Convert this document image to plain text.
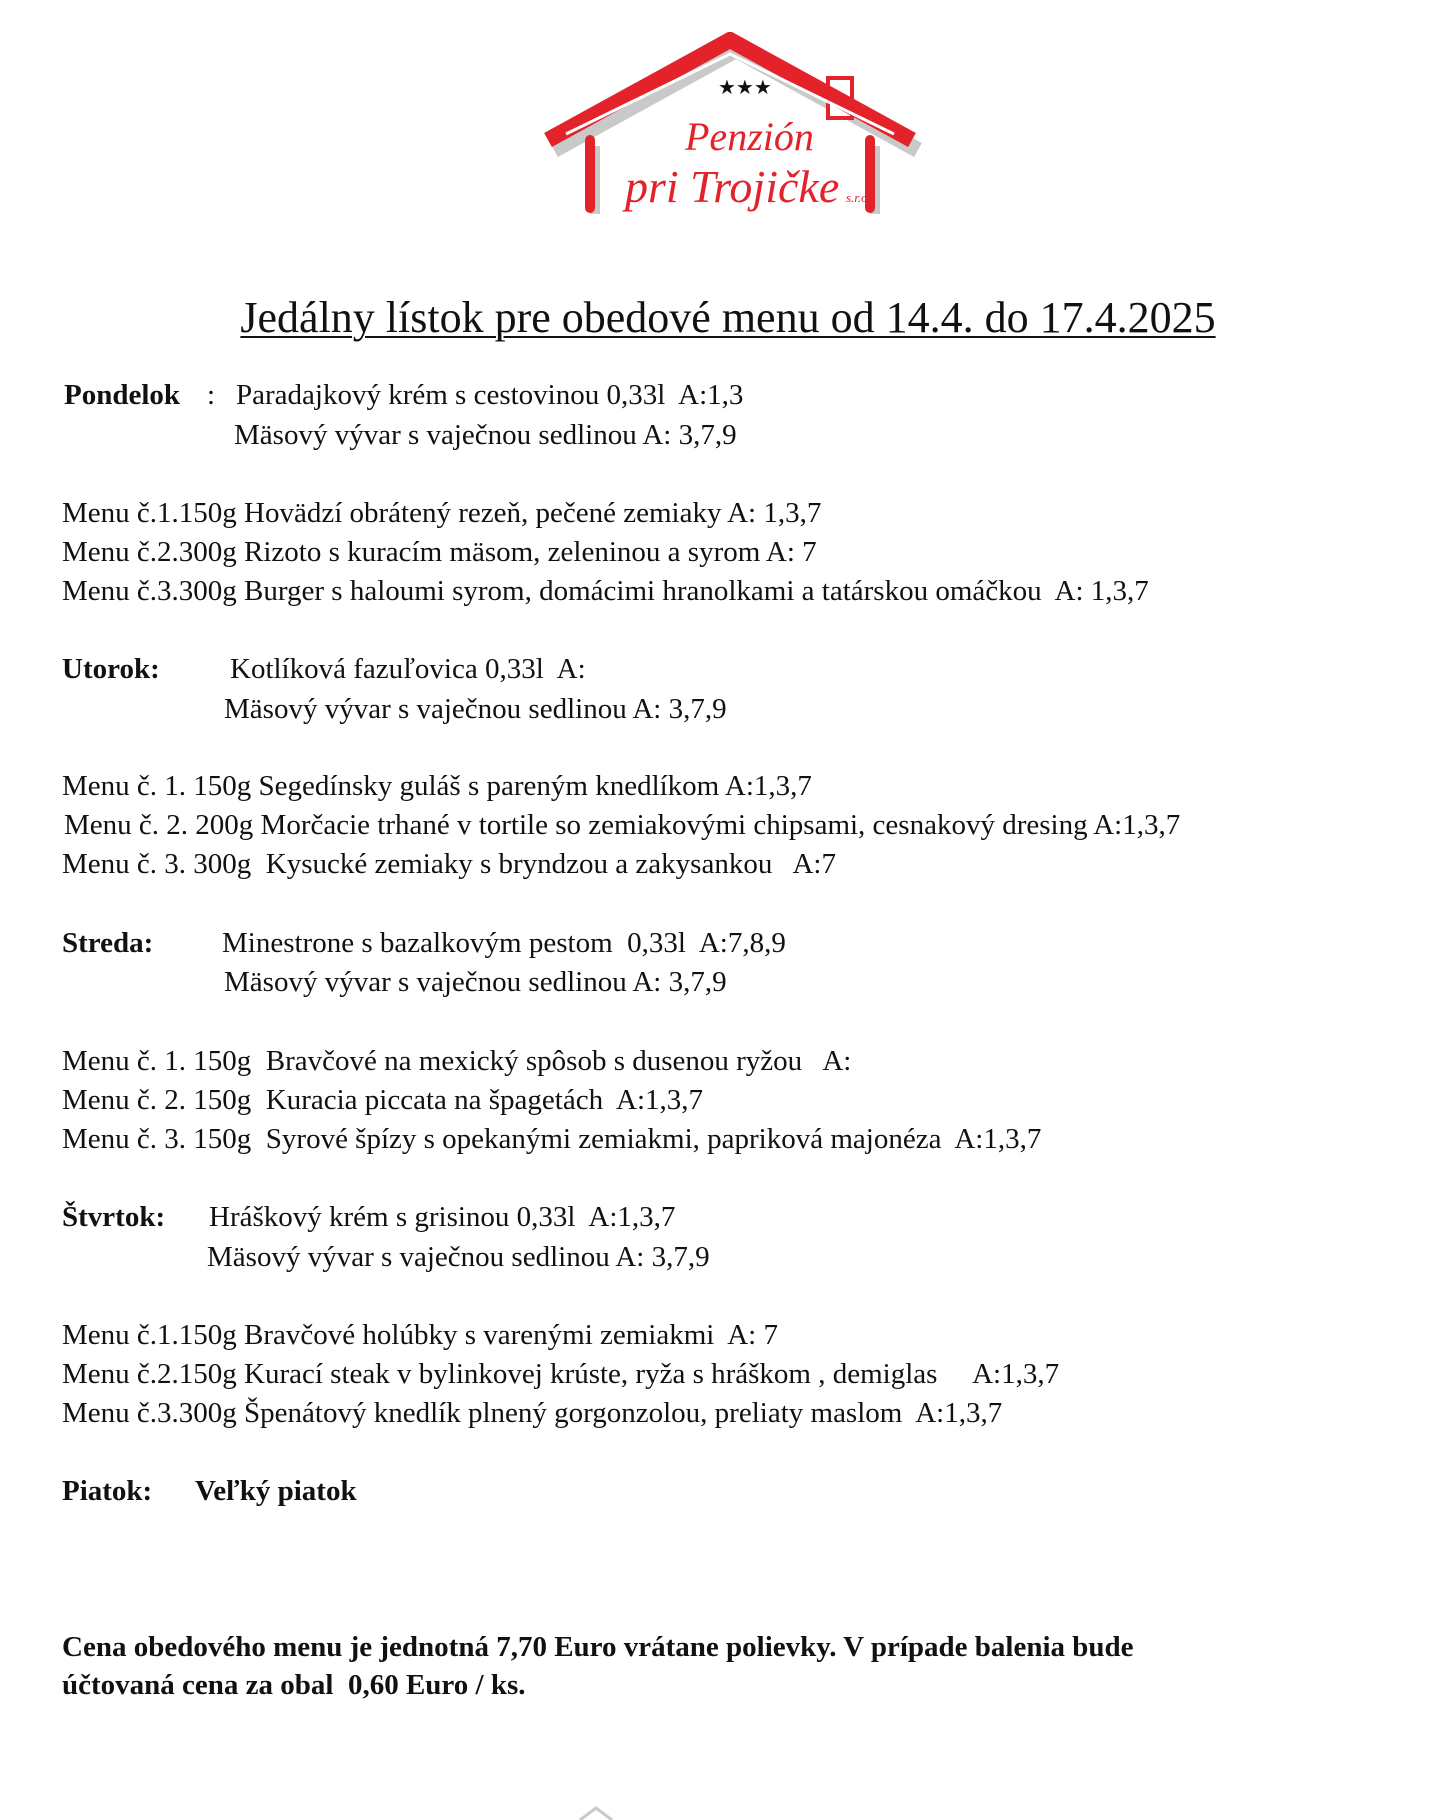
★★★
Penzión
pri Trojičke s.r.o.
Jedálny lístok pre obedové menu od 14.4. do 17.4.2025
Pondelok : Paradajkový krém s cestovinou 0,33l  A:1,3
Mäsový vývar s vaječnou sedlinou A: 3,7,9
Menu č.1.150g Hovädzí obrátený rezeň, pečené zemiaky A: 1,3,7
Menu č.2.300g Rizoto s kuracím mäsom, zeleninou a syrom A: 7
Menu č.3.300g Burger s haloumi syrom, domácimi hranolkami a tatárskou omáčkou  A: 1,3,7
Utorok: Kotlíková fazuľovica 0,33l  A:
Mäsový vývar s vaječnou sedlinou A: 3,7,9
Menu č. 1. 150g Segedínsky guláš s pareným knedlíkom A:1,3,7
Menu č. 2. 200g Morčacie trhané v tortile so zemiakovými chipsami, cesnakový dresing A:1,3,7
Menu č. 3. 300g  Kysucké zemiaky s bryndzou a zakysankou   A:7
Streda: Minestrone s bazalkovým pestom  0,33l  A:7,8,9
Mäsový vývar s vaječnou sedlinou A: 3,7,9
Menu č. 1. 150g  Bravčové na mexický spôsob s dusenou ryžou   A:
Menu č. 2. 150g  Kuracia piccata na špagetách  A:1,3,7
Menu č. 3. 150g  Syrové špízy s opekanými zemiakmi, papriková majonéza  A:1,3,7
Štvrtok: Hráškový krém s grisinou 0,33l  A:1,3,7
Mäsový vývar s vaječnou sedlinou A: 3,7,9
Menu č.1.150g Bravčové holúbky s varenými zemiakmi  A: 7
Menu č.2.150g Kurací steak v bylinkovej krúste, ryža s hráškom , demiglas     A:1,3,7
Menu č.3.300g Špenátový knedlík plnený gorgonzolou, preliaty maslom  A:1,3,7
Piatok: Veľký piatok
Cena obedového menu je jednotná 7,70 Euro vrátane polievky. V prípade balenia bude
účtovaná cena za obal  0,60 Euro / ks.
